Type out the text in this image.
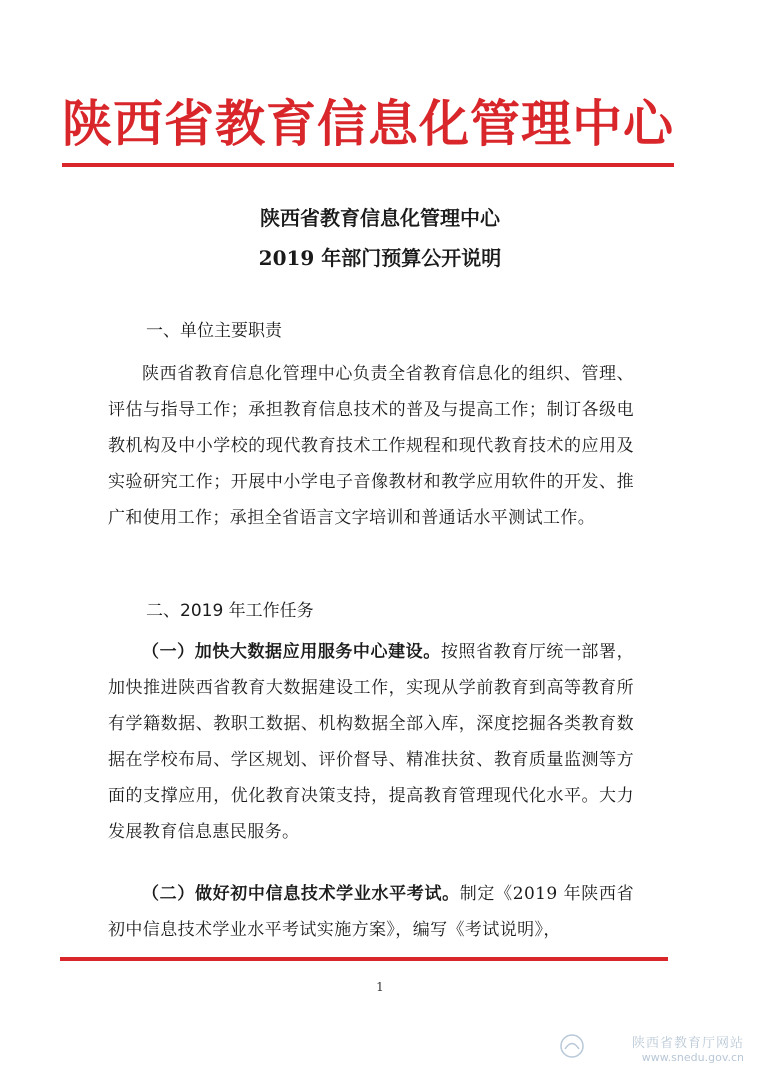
陕西省教育信息化管理中心
陕西省教育信息化管理中心
2019 年部门预算公开说明
一、单位主要职责

陕西省教育信息化管理中心负责全省教育信息化的组织、管理、评估与指导工作；承担教育信息技术的普及与提高工作；制订各级电教机构及中小学校的现代教育技术工作规程和现代教育技术的应用及实验研究工作；开展中小学电子音像教材和教学应用软件的开发、推广和使用工作；承担全省语言文字培训和普通话水平测试工作。

二、2019 年工作任务

（一）加快大数据应用服务中心建设。按照省教育厅统一部署，加快推进陕西省教育大数据建设工作，实现从学前教育到高等教育所有学籍数据、教职工数据、机构数据全部入库，深度挖掘各类教育数据在学校布局、学区规划、评价督导、精准扶贫、教育质量监测等方面的支撑应用，优化教育决策支持，提高教育管理现代化水平。大力发展教育信息惠民服务。

（二）做好初中信息技术学业水平考试。制定《2019 年陕西省初中信息技术学业水平考试实施方案》，编写《考试说明》，

1
陕西省教育厅网站
www.snedu.gov.cn
